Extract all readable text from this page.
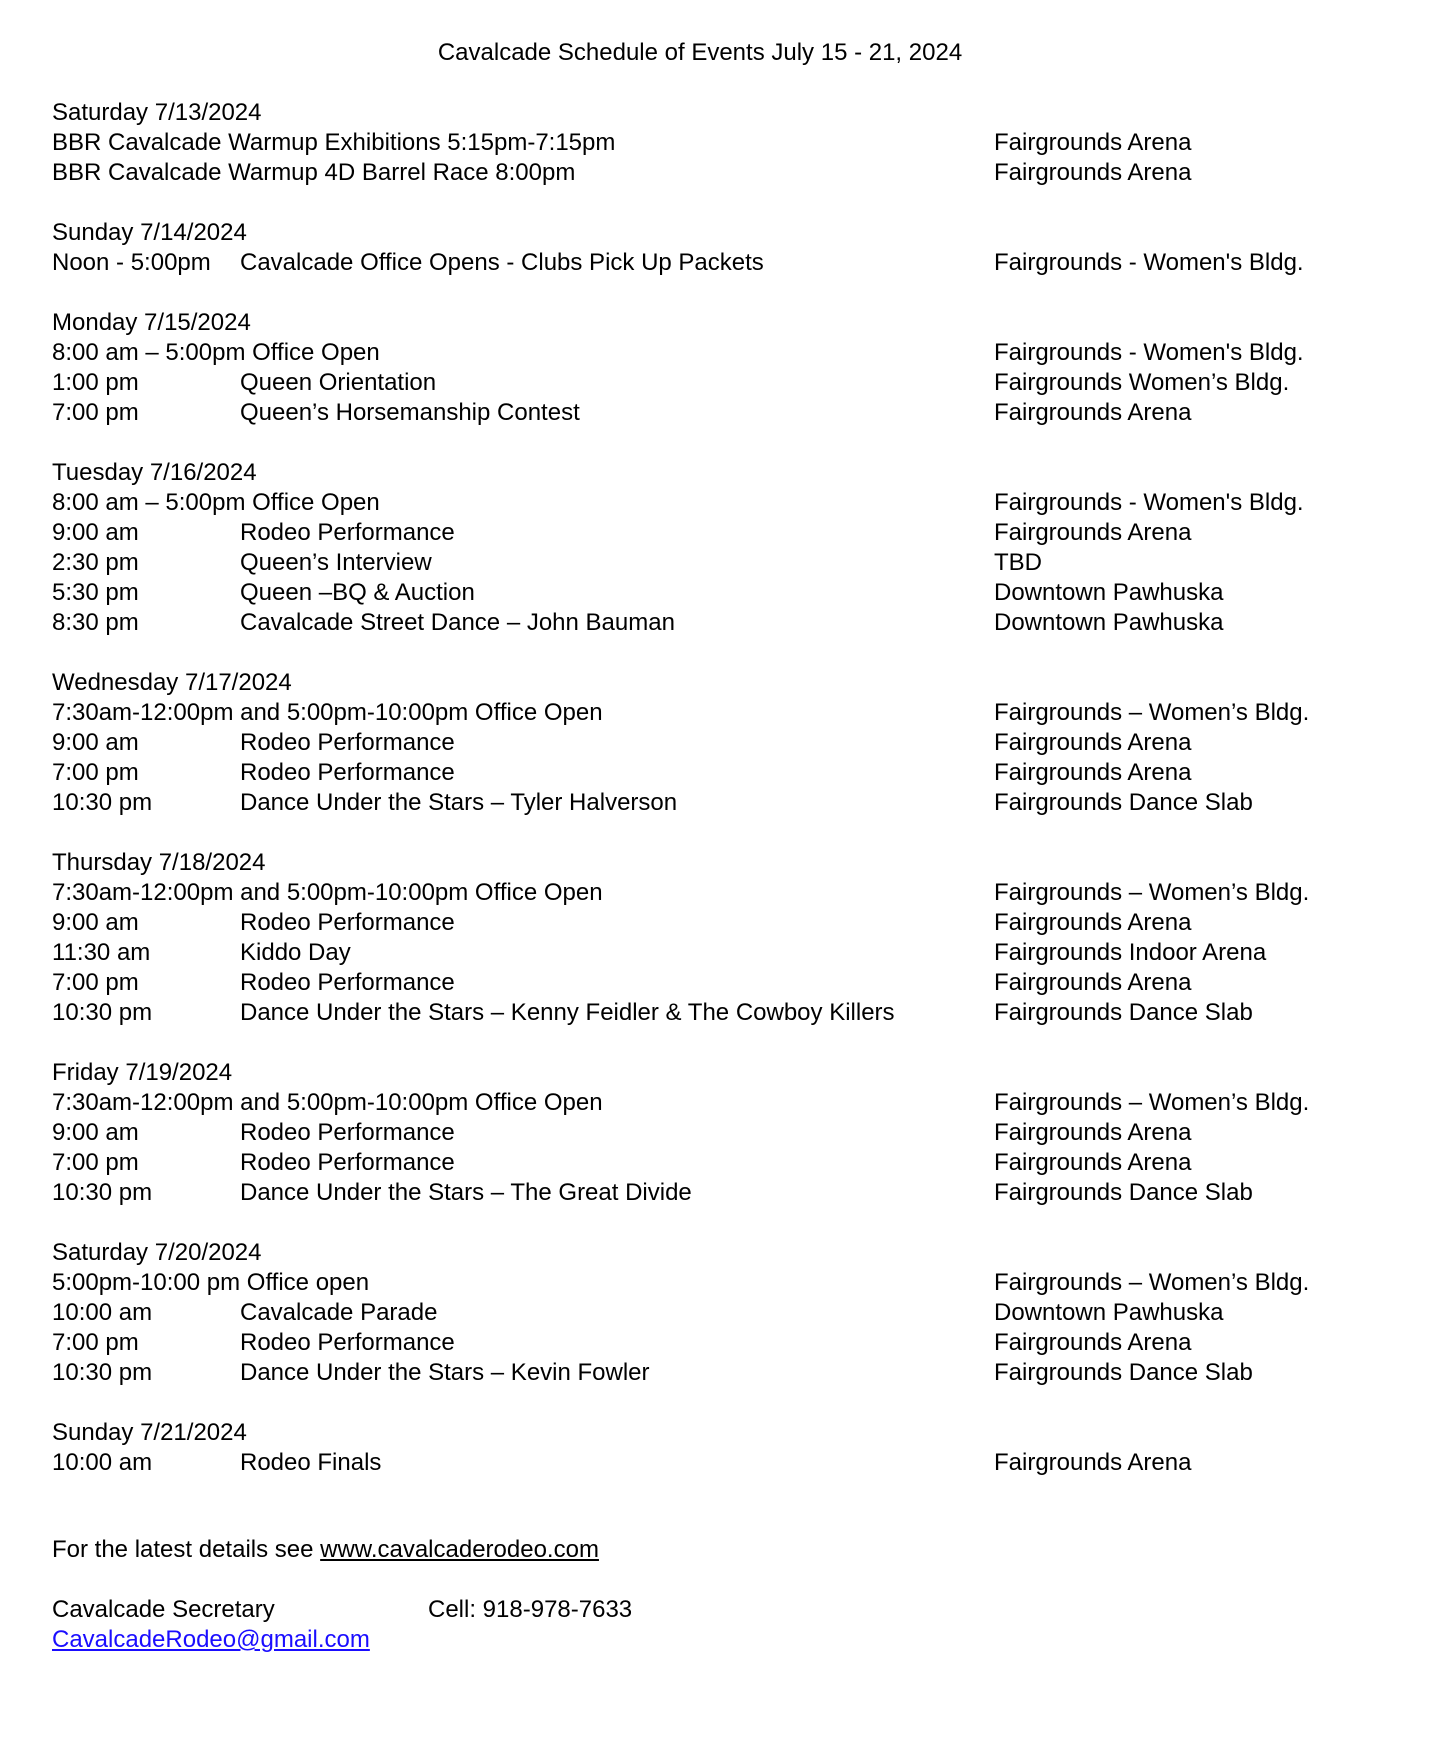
Cavalcade Schedule of Events July 15 - 21, 2024
Saturday 7/13/2024
BBR Cavalcade Warmup Exhibitions 5:15pm-7:15pm	Fairgrounds Arena
BBR Cavalcade Warmup 4D Barrel Race 8:00pm	Fairgrounds Arena
Sunday 7/14/2024
Noon - 5:00pm Cavalcade Office Opens - Clubs Pick Up Packets	Fairgrounds - Women's Bldg.
Monday 7/15/2024
8:00 am – 5:00pm Office Open	Fairgrounds - Women's Bldg.
1:00 pm	Queen Orientation	Fairgrounds Women’s Bldg.
7:00 pm	Queen’s Horsemanship Contest	Fairgrounds Arena
Tuesday 7/16/2024
8:00 am – 5:00pm Office Open	Fairgrounds - Women's Bldg.
9:00 am	Rodeo Performance	Fairgrounds Arena
2:30 pm	Queen’s Interview	TBD
5:30 pm	Queen –BQ & Auction	Downtown Pawhuska
8:30 pm	Cavalcade Street Dance – John Bauman	Downtown Pawhuska
Wednesday 7/17/2024
7:30am-12:00pm and 5:00pm-10:00pm Office Open	Fairgrounds – Women’s Bldg.
9:00 am	Rodeo Performance	Fairgrounds Arena
7:00 pm	Rodeo Performance	Fairgrounds Arena
10:30 pm	Dance Under the Stars – Tyler Halverson	Fairgrounds Dance Slab
Thursday 7/18/2024
7:30am-12:00pm and 5:00pm-10:00pm Office Open	Fairgrounds – Women’s Bldg.
9:00 am	Rodeo Performance	Fairgrounds Arena
11:30 am	Kiddo Day	Fairgrounds Indoor Arena
7:00 pm	Rodeo Performance	Fairgrounds Arena
10:30 pm	Dance Under the Stars – Kenny Feidler & The Cowboy Killers	Fairgrounds Dance Slab
Friday 7/19/2024
7:30am-12:00pm and 5:00pm-10:00pm Office Open	Fairgrounds – Women’s Bldg.
9:00 am	Rodeo Performance	Fairgrounds Arena
7:00 pm	Rodeo Performance	Fairgrounds Arena
10:30 pm	Dance Under the Stars – The Great Divide	Fairgrounds Dance Slab
Saturday 7/20/2024
5:00pm-10:00 pm Office open	Fairgrounds – Women’s Bldg.
10:00 am	Cavalcade Parade	Downtown Pawhuska
7:00 pm	Rodeo Performance	Fairgrounds Arena
10:30 pm	Dance Under the Stars – Kevin Fowler	Fairgrounds Dance Slab
Sunday 7/21/2024
10:00 am	Rodeo Finals	Fairgrounds Arena
For the latest details see www.cavalcaderodeo.com
Cavalcade Secretary	Cell: 918-978-7633
CavalcadeRodeo@gmail.com
